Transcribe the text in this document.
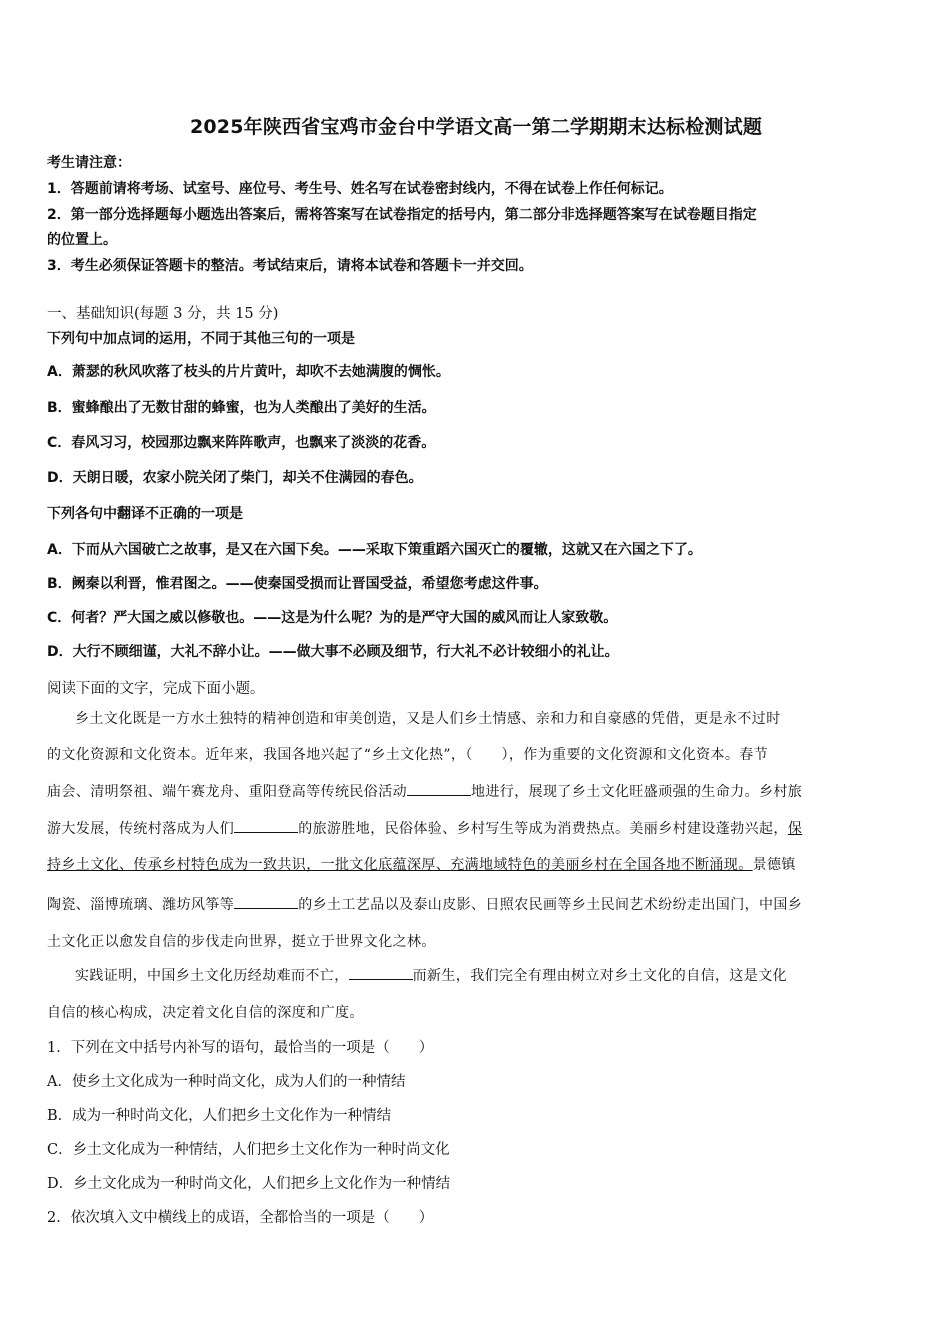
2025年陕西省宝鸡市金台中学语文高一第二学期期末达标检测试题
考生请注意：
1．答题前请将考场、试室号、座位号、考生号、姓名写在试卷密封线内，不得在试卷上作任何标记。
2．第一部分选择题每小题选出答案后，需将答案写在试卷指定的括号内，第二部分非选择题答案写在试卷题目指定
的位置上。
3．考生必须保证答题卡的整洁。考试结束后，请将本试卷和答题卡一并交回。
一、基础知识(每题 3 分，共 15 分)
下列句中加点词的运用，不同于其他三句的一项是
A．萧瑟的秋风吹落了枝头的片片黄叶，却吹不去她满腹的惆怅。
B．蜜蜂酿出了无数甘甜的蜂蜜，也为人类酿出了美好的生活。
C．春风习习，校园那边飘来阵阵歌声，也飘来了淡淡的花香。
D．天朗日暖，农家小院关闭了柴门，却关不住满园的春色。
下列各句中翻译不正确的一项是
A．下而从六国破亡之故事，是又在六国下矣。——采取下策重蹈六国灭亡的覆辙，这就又在六国之下了。
B．阙秦以利晋，惟君图之。——使秦国受损而让晋国受益，希望您考虑这件事。
C．何者？严大国之威以修敬也。——这是为什么呢？为的是严守大国的威风而让人家致敬。
D．大行不顾细谨，大礼不辞小让。——做大事不必顾及细节，行大礼不必计较细小的礼让。
阅读下面的文字，完成下面小题。
乡土文化既是一方水土独特的精神创造和审美创造，又是人们乡土情感、亲和力和自豪感的凭借，更是永不过时
的文化资源和文化资本。近年来，我国各地兴起了“乡土文化热”，（　　），作为重要的文化资源和文化资本。春节
庙会、清明祭祖、端午赛龙舟、重阳登高等传统民俗活动	地进行，展现了乡土文化旺盛顽强的生命力。乡村旅
游大发展，传统村落成为人们	的旅游胜地，民俗体验、乡村写生等成为消费热点。美丽乡村建设蓬勃兴起，保
持乡土文化、传承乡村特色成为一致共识，一批文化底蕴深厚、充满地域特色的美丽乡村在全国各地不断涌现。景德镇
陶瓷、淄博琉璃、潍坊风筝等	的乡土工艺品以及泰山皮影、日照农民画等乡土民间艺术纷纷走出国门，中国乡
土文化正以愈发自信的步伐走向世界，挺立于世界文化之林。
实践证明，中国乡土文化历经劫难而不亡，	而新生，我们完全有理由树立对乡土文化的自信，这是文化
自信的核心构成，决定着文化自信的深度和广度。
1．下列在文中括号内补写的语句，最恰当的一项是（　　）
A．使乡土文化成为一种时尚文化，成为人们的一种情结
B．成为一种时尚文化，人们把乡土文化作为一种情结
C．乡土文化成为一种情结，人们把乡土文化作为一种时尚文化
D．乡土文化成为一种时尚文化，人们把乡上文化作为一种情结
2．依次填入文中横线上的成语，全都恰当的一项是（　　）
